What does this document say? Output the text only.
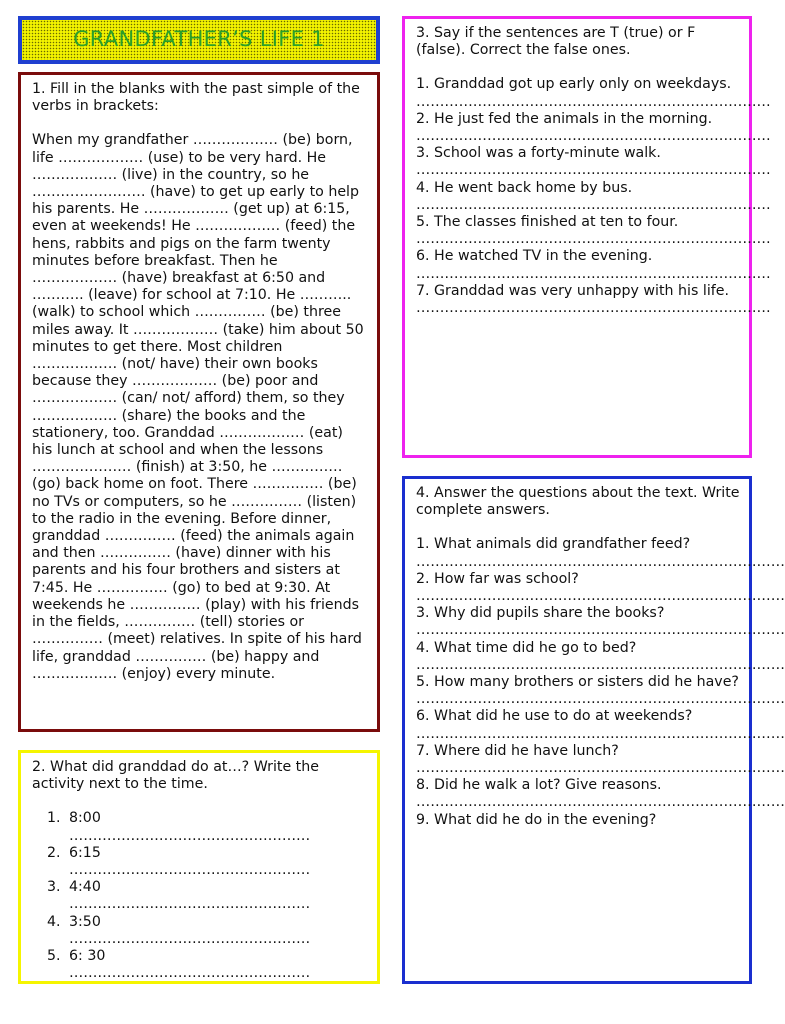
GRANDFATHER’S LIFE 1

1. Fill in the blanks with the past simple of the verbs in brackets:

When my grandfather ……………… (be) born, life ……………… (use) to be very hard. He ……………… (live) in the country, so he …………………… (have) to get up early to help his parents. He ……………… (get up) at 6:15, even at weekends! He ……………… (feed) the hens, rabbits and pigs on the farm twenty minutes before breakfast. Then he ……………… (have) breakfast at 6:50 and ……….. (leave) for school at 7:10. He ……….. (walk) to school which …………… (be) three miles away. It ……………… (take) him about 50 minutes to get there. Most children ……………… (not/ have) their own books because they ……………… (be) poor and ……………… (can/ not/ afford) them, so they ……………… (share) the books and the stationery, too. Granddad ……………… (eat) his lunch at school and when the lessons ………………… (finish) at 3:50, he …………… (go) back home on foot. There …………… (be) no TVs or computers, so he …………… (listen) to the radio in the evening. Before dinner, granddad …………… (feed) the animals again and then …………… (have) dinner with his parents and his four brothers and sisters at 7:45. He …………… (go) to bed at 9:30. At weekends he …………… (play) with his friends in the fields, …………… (tell) stories or …………… (meet) relatives. In spite of his hard life, granddad …………… (be) happy and ……………… (enjoy) every minute.

2. What did granddad do at…? Write the activity next to the time.

1. 8:00
……………………………………………
2. 6:15
……………………………………………
3. 4:40
……………………………………………
4. 3:50
……………………………………………
5. 6: 30
……………………………………………

3. Say if the sentences are T (true) or F (false). Correct the false ones.

1. Granddad got up early only on weekdays.

…………………………………………………………………

2. He just fed the animals in the morning.

…………………………………………………………………

3. School was a forty-minute walk.

…………………………………………………………………

4. He went back home by bus.

…………………………………………………………………

5. The classes finished at ten to four.

…………………………………………………………………

6. He watched TV in the evening.

…………………………………………………………………

7. Granddad was very unhappy with his life.

…………………………………………………………………

4. Answer the questions about the text. Write complete answers.

1. What animals did grandfather feed?

……………………………………………………………………

2. How far was school?

……………………………………………………………………

3. Why did pupils share the books?

……………………………………………………………………

4. What time did he go to bed?

……………………………………………………………………

5. How many brothers or sisters did he have?

……………………………………………………………………

6. What did he use to do at weekends?

……………………………………………………………………

7. Where did he have lunch?

……………………………………………………………………

8. Did he walk a lot? Give reasons.

……………………………………………………………………

9. What did he do in the evening?
